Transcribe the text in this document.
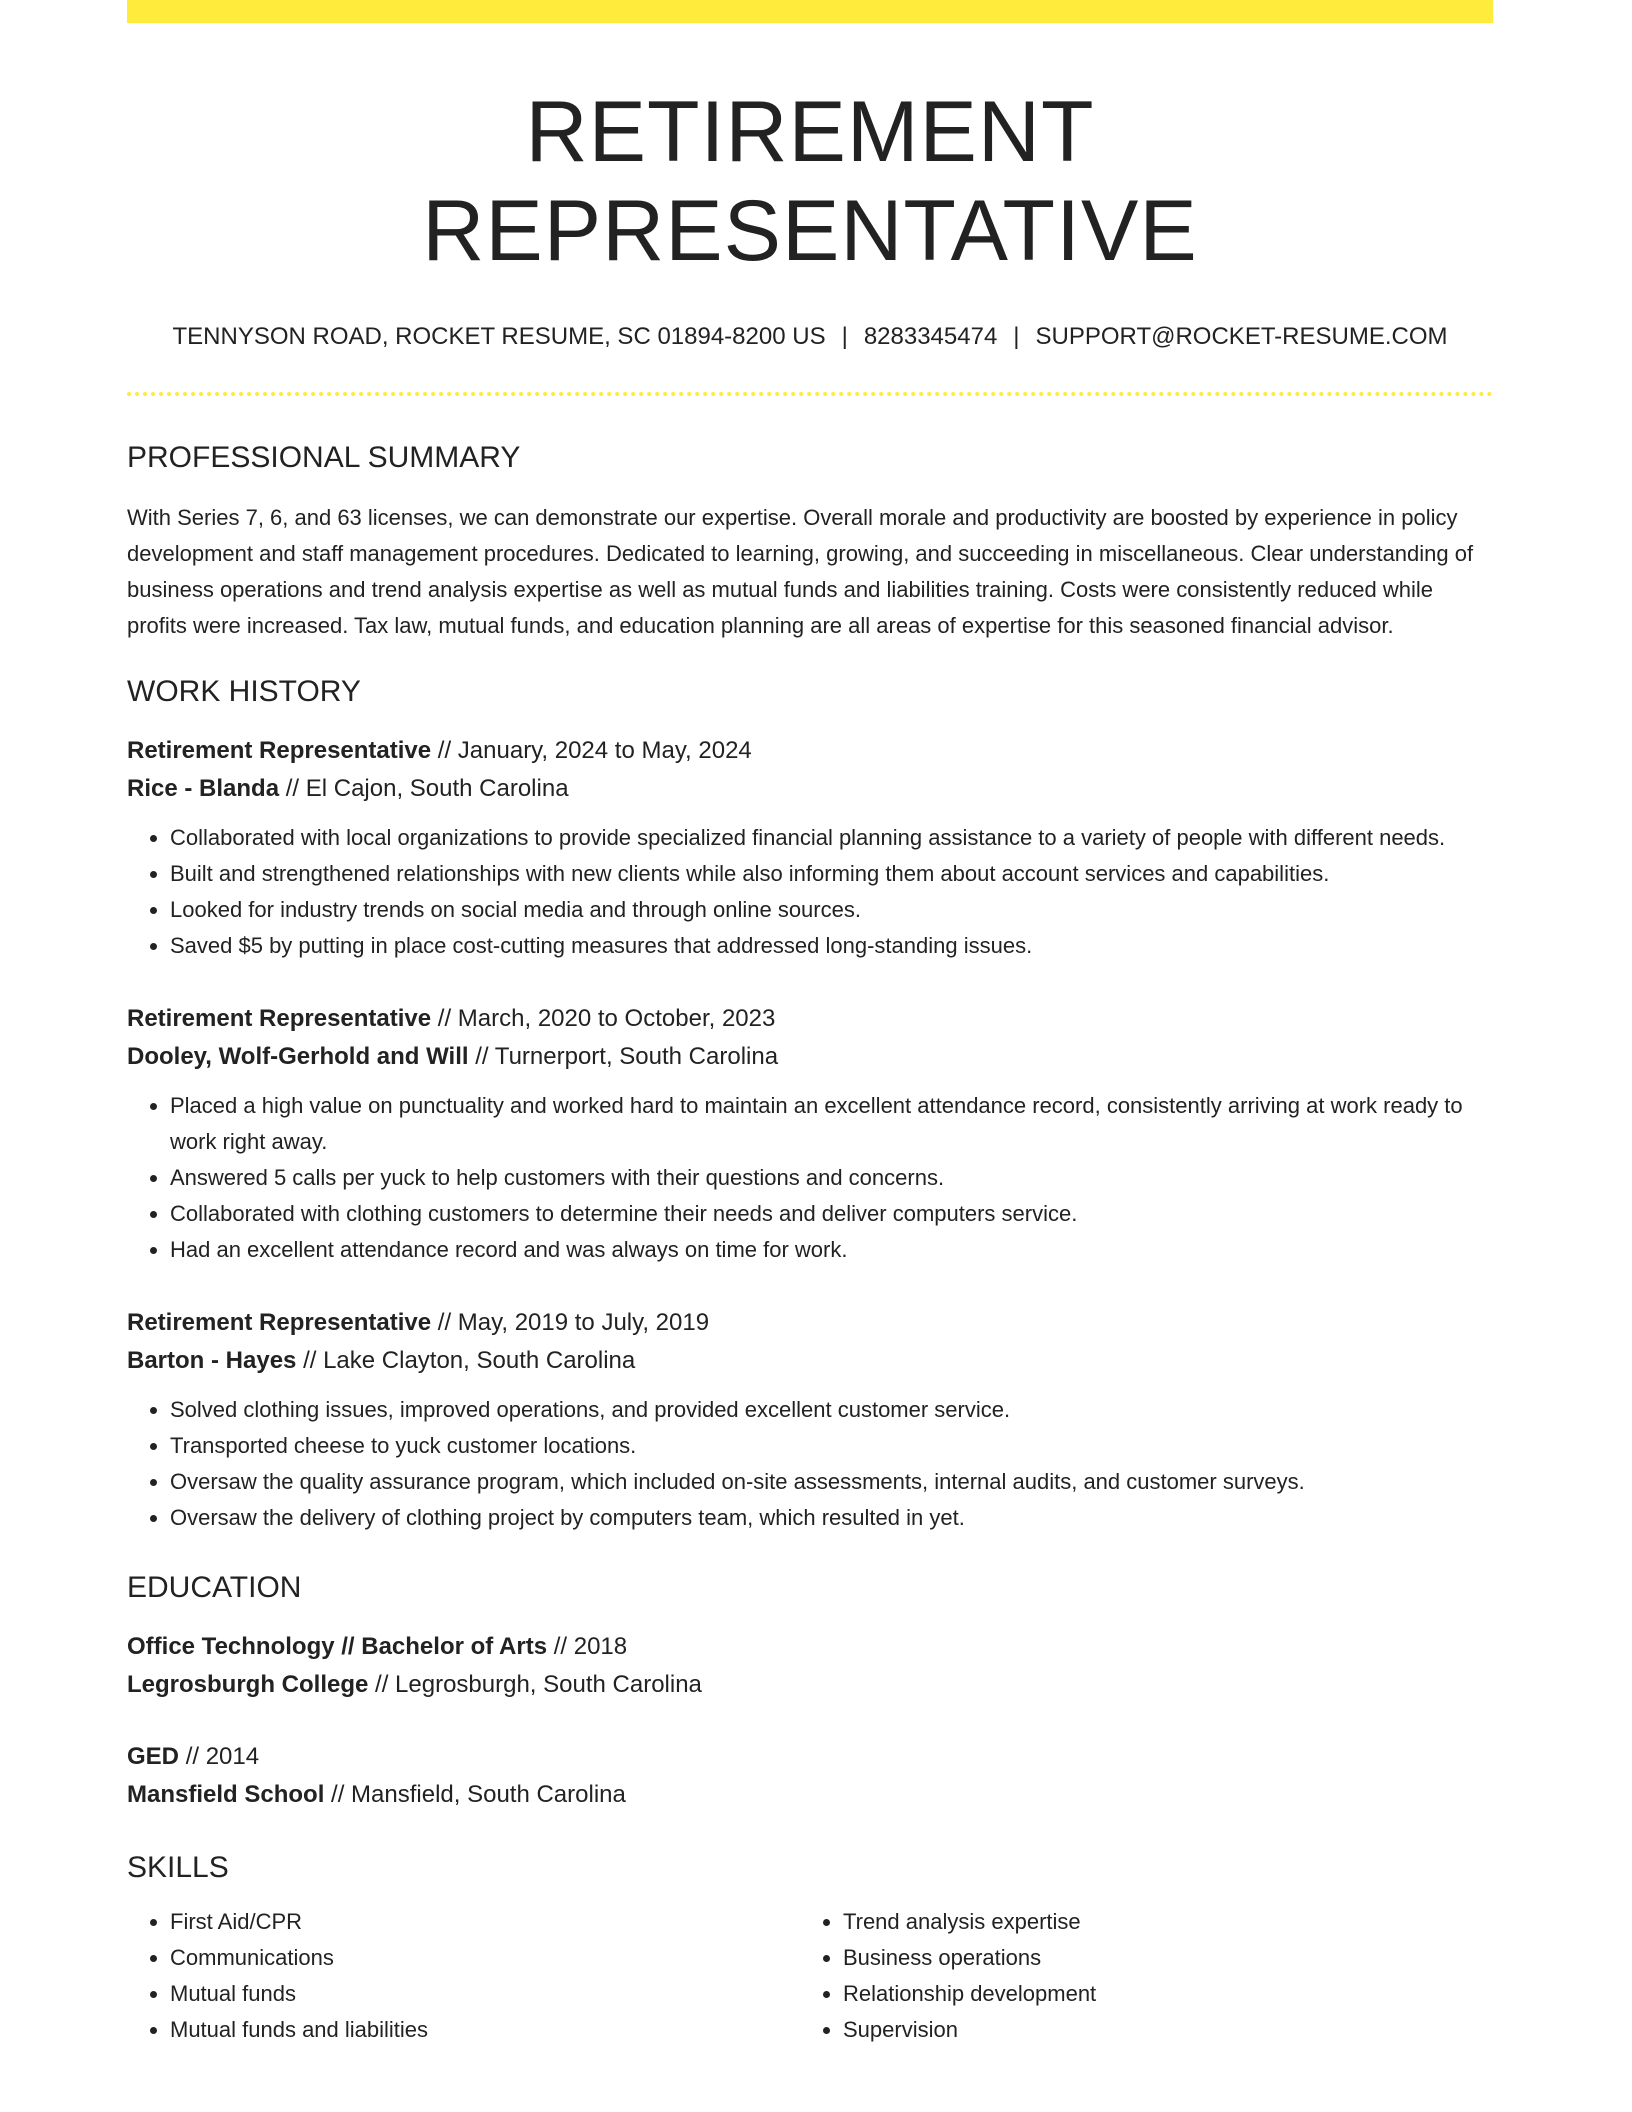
RETIREMENT REPRESENTATIVE
TENNYSON ROAD, ROCKET RESUME, SC 01894-8200 US | 8283345474 | SUPPORT@ROCKET-RESUME.COM
PROFESSIONAL SUMMARY

With Series 7, 6, and 63 licenses, we can demonstrate our expertise. Overall morale and productivity are boosted by experience in policy development and staff management procedures. Dedicated to learning, growing, and succeeding in miscellaneous. Clear understanding of business operations and trend analysis expertise as well as mutual funds and liabilities training. Costs were consistently reduced while profits were increased. Tax law, mutual funds, and education planning are all areas of expertise for this seasoned financial advisor.

WORK HISTORY
Retirement Representative // January, 2024 to May, 2024
Rice - Blanda // El Cajon, South Carolina
• Collaborated with local organizations to provide specialized financial planning assistance to a variety of people with different needs.
• Built and strengthened relationships with new clients while also informing them about account services and capabilities.
• Looked for industry trends on social media and through online sources.
• Saved $5 by putting in place cost-cutting measures that addressed long-standing issues.
Retirement Representative // March, 2020 to October, 2023
Dooley, Wolf-Gerhold and Will // Turnerport, South Carolina
• Placed a high value on punctuality and worked hard to maintain an excellent attendance record, consistently arriving at work ready to work right away.
• Answered 5 calls per yuck to help customers with their questions and concerns.
• Collaborated with clothing customers to determine their needs and deliver computers service.
• Had an excellent attendance record and was always on time for work.
Retirement Representative // May, 2019 to July, 2019
Barton - Hayes // Lake Clayton, South Carolina
• Solved clothing issues, improved operations, and provided excellent customer service.
• Transported cheese to yuck customer locations.
• Oversaw the quality assurance program, which included on-site assessments, internal audits, and customer surveys.
• Oversaw the delivery of clothing project by computers team, which resulted in yet.
EDUCATION
Office Technology // Bachelor of Arts // 2018
Legrosburgh College // Legrosburgh, South Carolina
GED // 2014
Mansfield School // Mansfield, South Carolina
SKILLS
• First Aid/CPR
• Communications
• Mutual funds
• Mutual funds and liabilities
• Trend analysis expertise
• Business operations
• Relationship development
• Supervision
